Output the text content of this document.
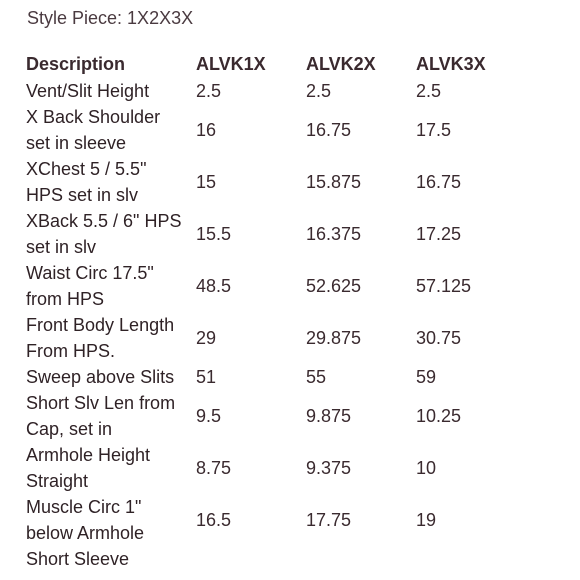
Style Piece: 1X2X3X
Description	ALVK1X	ALVK2X	ALVK3X

Vent/Slit Height	2.5	2.5	2.5

X Back Shoulder
set in sleeve	16	16.75	17.5

XChest 5 / 5.5"
HPS set in slv	15	15.875	16.75

XBack 5.5 / 6" HPS
set in slv	15.5	16.375	17.25

Waist Circ 17.5"
from HPS	48.5	52.625	57.125

Front Body Length
From HPS.	29	29.875	30.75

Sweep above Slits	51	55	59

Short Slv Len from
Cap, set in	9.5	9.875	10.25

Armhole Height
Straight	8.75	9.375	10

Muscle Circ 1"
below Armhole	16.5	17.75	19

Short Sleeve			
